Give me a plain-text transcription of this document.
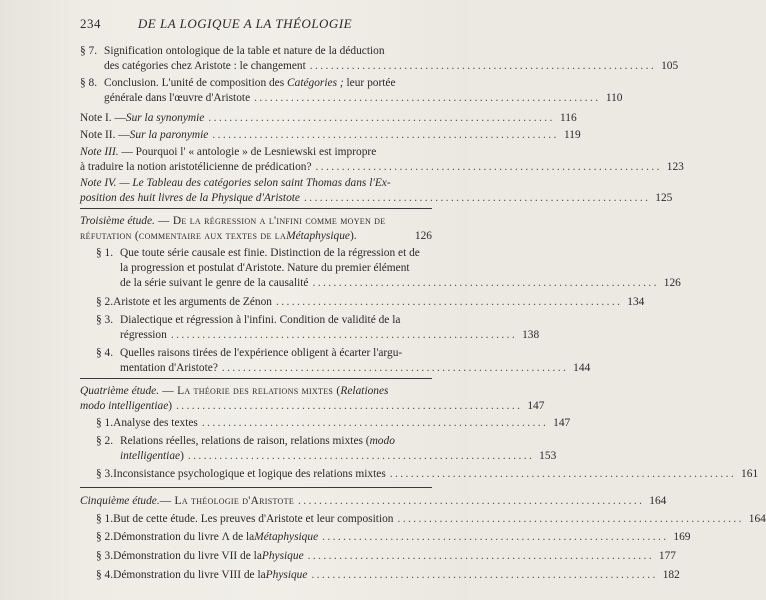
234	DE LA LOGIQUE A LA THÉOLOGIE
§ 7. Signification ontologique de la table et nature de la déduction
des catégories chez Aristote : le changement .................................................................. 105
§ 8. Conclusion. L'unité de composition des Catégories ; leur portée
générale dans l'œuvre d'Aristote .................................................................. 110
Note I. — Sur la synonymie .................................................................. 116
Note II. — Sur la paronymie .................................................................. 119
Note III. — Pourquoi l' « antologie » de Lesniewski est impropre
à traduire la notion aristotélicienne de prédication? .................................................................. 123
Note IV. — Le Tableau des catégories selon saint Thomas dans l'Ex-
position des huit livres de la Physique d'Aristote .................................................................. 125
Troisième étude. — De la régression a l'infini comme moyen de
réfutation (commentaire aux textes de la Métaphysique ).	126
§ 1. Que toute série causale est finie. Distinction de la régression et de
la progression et postulat d'Aristote. Nature du premier élément
de la série suivant le genre de la causalité .................................................................. 126
§ 2. Aristote et les arguments de Zénon .................................................................. 134
§ 3. Dialectique et régression à l'infini. Condition de validité de la
régression .................................................................. 138
§ 4. Quelles raisons tirées de l'expérience obligent à écarter l'argu-
mentation d'Aristote? .................................................................. 144
Quatrième étude. — La théorie des relations mixtes (Relationes
modo intelligentiae ) .................................................................. 147
§ 1. Analyse des textes .................................................................. 147
§ 2. Relations réelles, relations de raison, relations mixtes (modo
intelligentiae ) .................................................................. 153
§ 3. Inconsistance psychologique et logique des relations mixtes .................................................................. 161
Cinquième étude. — La théologie d'Aristote .................................................................. 164
§ 1. But de cette étude. Les preuves d'Aristote et leur composition .................................................................. 164
§ 2. Démonstration du livre Λ de la Métaphysique .................................................................. 169
§ 3. Démonstration du livre VII de la Physique .................................................................. 177
§ 4. Démonstration du livre VIII de la Physique .................................................................. 182
